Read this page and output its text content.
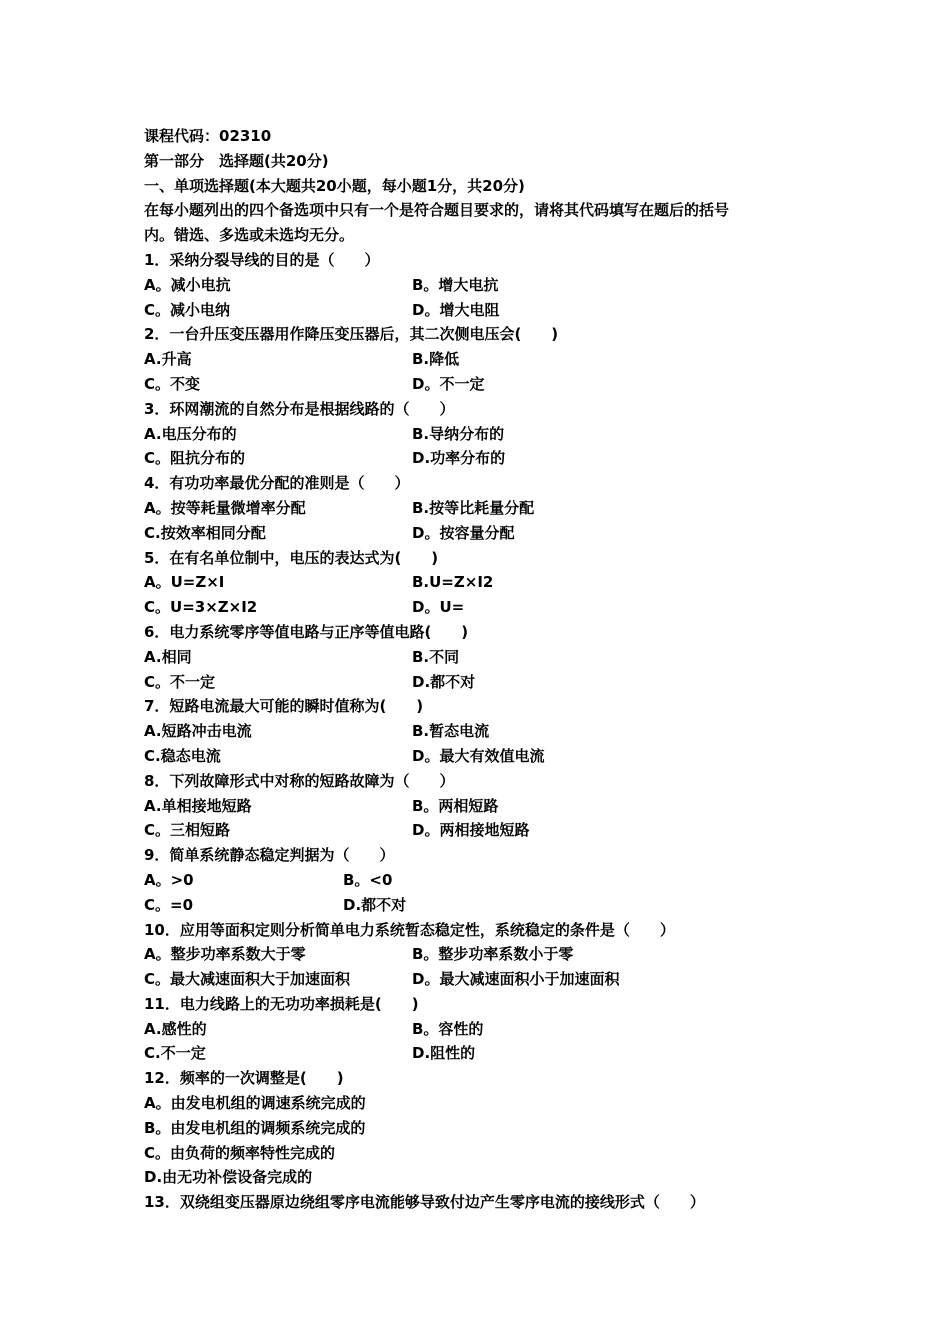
课程代码：02310
第一部分　选择题(共20分)
一、单项选择题(本大题共20小题，每小题1分，共20分)
在每小题列出的四个备选项中只有一个是符合题目要求的，请将其代码填写在题后的括号
内。错选、多选或未选均无分。
1．采纳分裂导线的目的是（　　）
A。减小电抗	B。增大电抗
C。减小电纳	D。增大电阻
2．一台升压变压器用作降压变压器后，其二次侧电压会(　　)
A.升高	B.降低
C。不变	D。不一定
3．环网潮流的自然分布是根据线路的（　　）
A.电压分布的	B.导纳分布的
C。阻抗分布的	D.功率分布的
4．有功功率最优分配的准则是（　　）
A。按等耗量微增率分配	B.按等比耗量分配
C.按效率相同分配	D。按容量分配
5．在有名单位制中，电压的表达式为(　　)
A。U=Z×I	B.U=Z×I2
C。U=3×Z×I2	D。U=
6．电力系统零序等值电路与正序等值电路(　　)
A.相同	B.不同
C。不一定	D.都不对
7．短路电流最大可能的瞬时值称为(　　)
A.短路冲击电流	B.暂态电流
C.稳态电流	D。最大有效值电流
8．下列故障形式中对称的短路故障为（　　）
A.单相接地短路	B。两相短路
C。三相短路	D。两相接地短路
9．简单系统静态稳定判据为（　　）
A。>0	B。<0
C。=0	D.都不对
10．应用等面积定则分析简单电力系统暂态稳定性，系统稳定的条件是（　　）
A。整步功率系数大于零	B。整步功率系数小于零
C。最大减速面积大于加速面积	D。最大减速面积小于加速面积
11．电力线路上的无功功率损耗是(　　)
A.感性的	B。容性的
C.不一定	D.阻性的
12．频率的一次调整是(　　)
A。由发电机组的调速系统完成的
B。由发电机组的调频系统完成的
C。由负荷的频率特性完成的
D.由无功补偿设备完成的
13．双绕组变压器原边绕组零序电流能够导致付边产生零序电流的接线形式（　　）
